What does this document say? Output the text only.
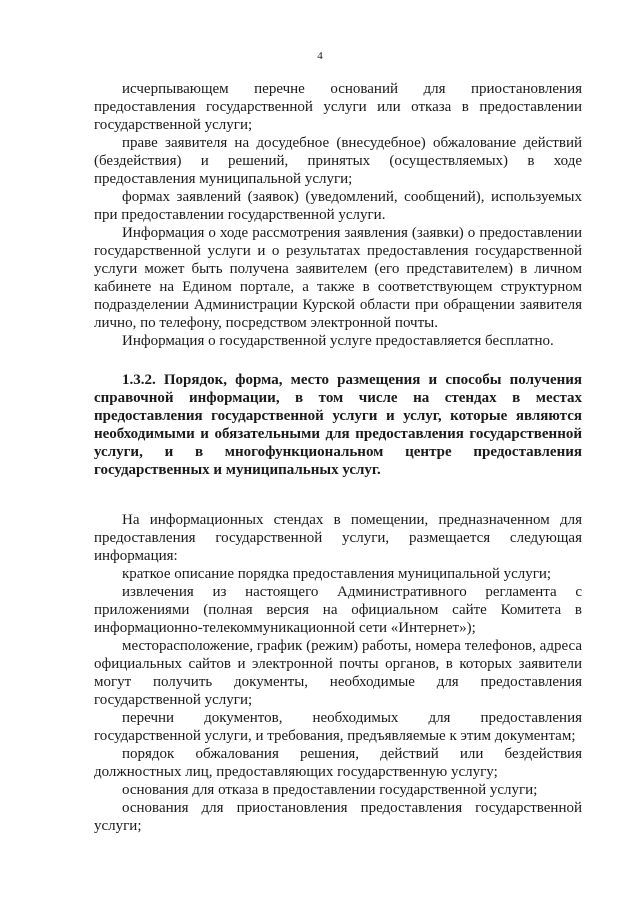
4

исчерпывающем перечне оснований для приостановления предоставления государственной услуги или отказа в предоставлении государственной услуги;

праве заявителя на досудебное (внесудебное) обжалование действий (бездействия) и решений, принятых (осуществляемых) в ходе предоставления муниципальной услуги;

формах заявлений (заявок) (уведомлений, сообщений), используемых при предоставлении государственной услуги.

Информация о ходе рассмотрения заявления (заявки) о предоставлении государственной услуги и о результатах предоставления государственной услуги может быть получена заявителем (его представителем) в личном кабинете на Едином портале, а также в соответствующем структурном подразделении Администрации Курской области при обращении заявителя лично, по телефону, посредством электронной почты.

Информация о государственной услуге предоставляется бесплатно.

1.3.2. Порядок, форма, место размещения и способы получения справочной информации, в том числе на стендах в местах предоставления государственной услуги и услуг, которые являются необходимыми и обязательными для предоставления государственной услуги, и в многофункциональном центре предоставления государственных и муниципальных услуг.

На информационных стендах в помещении, предназначенном для предоставления государственной услуги, размещается следующая информация:

краткое описание порядка предоставления муниципальной услуги;

извлечения из настоящего Административного регламента с приложениями (полная версия на официальном сайте Комитета в информационно-телекоммуникационной сети «Интернет»);

месторасположение, график (режим) работы, номера телефонов, адреса официальных сайтов и электронной почты органов, в которых заявители могут получить документы, необходимые для предоставления государственной услуги;

перечни документов, необходимых для предоставления государственной услуги, и требования, предъявляемые к этим документам;

порядок обжалования решения, действий или бездействия должностных лиц, предоставляющих государственную услугу;

основания для отказа в предоставлении государственной услуги;

основания для приостановления предоставления государственной услуги;
